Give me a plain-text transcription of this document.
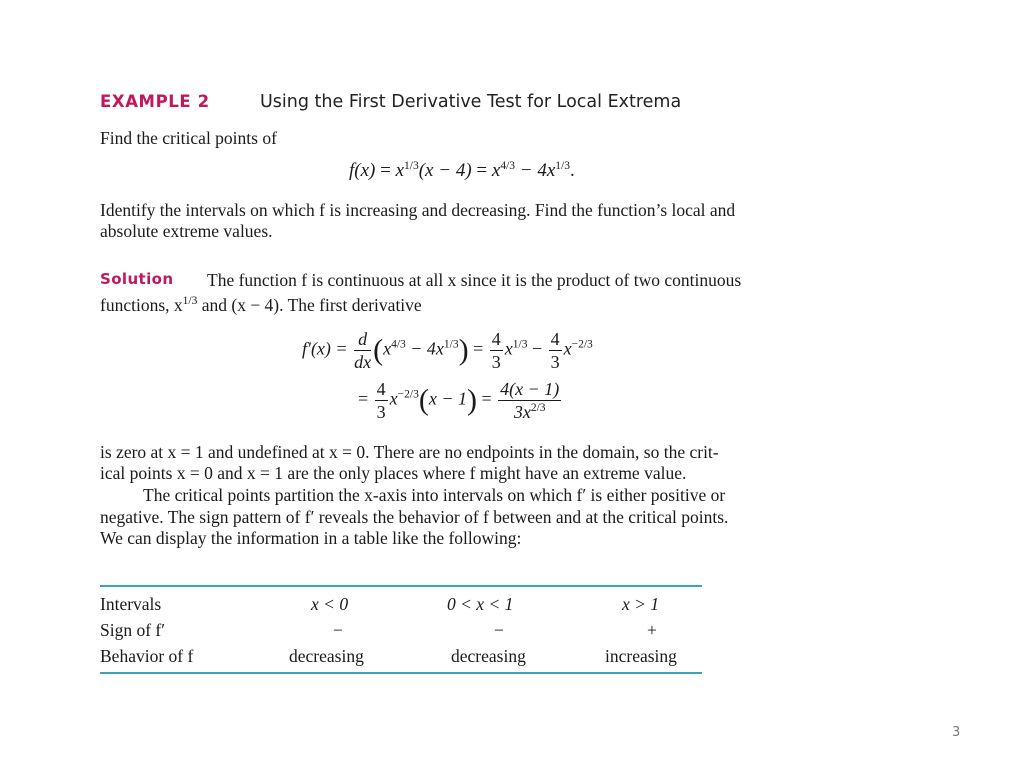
EXAMPLE 2	Using the First Derivative Test for Local Extrema
Find the critical points of
$f(x) = x^{1/3}(x - 4) = x^{4/3} - 4x^{1/3}$.
Identify the intervals on which f is increasing and decreasing. Find the function’s local and
absolute extreme values.
Solution The function f is continuous at all x since it is the product of two continuous
functions, $x^{1/3}$ and (x − 4). The first derivative
$f'(x) = \frac{d}{dx} (x^{4/3} - 4x^{1/3}) = \frac{4}{3} x^{1/3} - \frac{4}{3} x^{-2/3}$
= $\frac{4}{3} x^{-2/3}(x - 1) = \frac{4(x - 1)}{3x^{2/3}}$
is zero at x = 1 and undefined at x = 0. There are no endpoints in the domain, so the crit-
ical points x = 0 and x = 1 are the only places where f might have an extreme value.
The critical points partition the x-axis into intervals on which f′ is either positive or
negative. The sign pattern of f′ reveals the behavior of f between and at the critical points.
We can display the information in a table like the following:
Intervals	x < 0	0 < x < 1	x > 1
Sign of f′	−	−	+
Behavior of f	decreasing	decreasing	increasing
3
